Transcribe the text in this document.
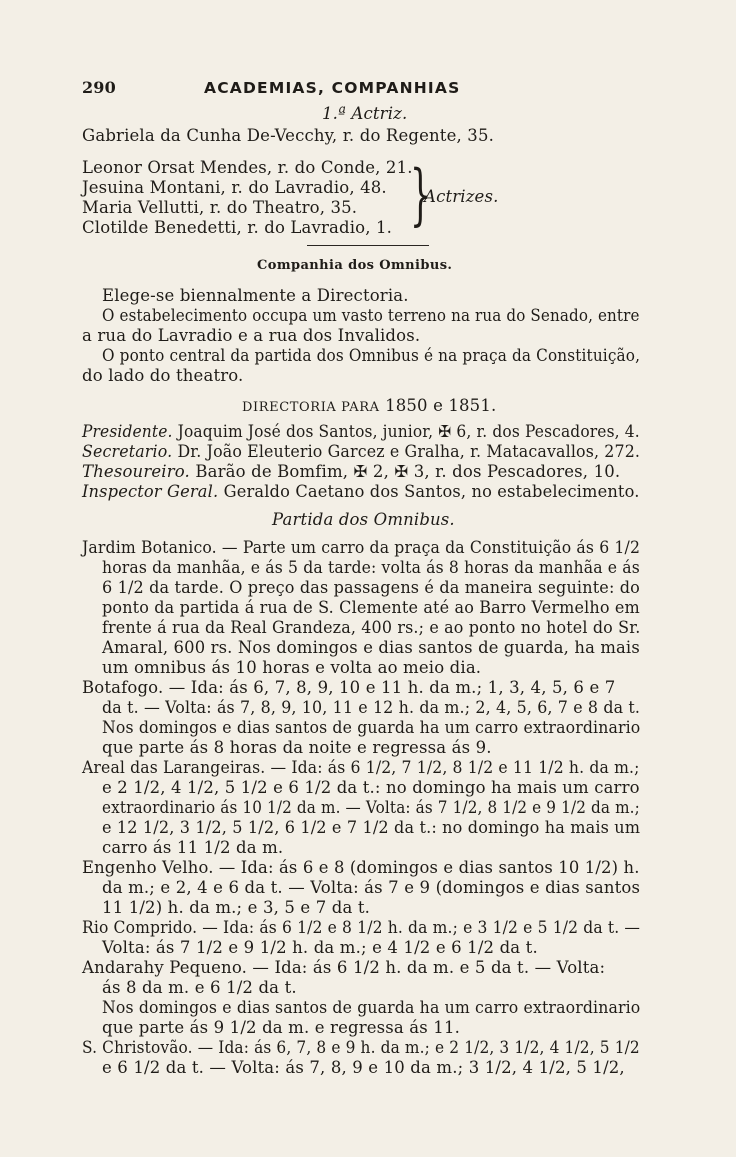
290	ACADEMIAS, COMPANHIAS
1.ª Actriz.
Gabriela da Cunha De-Vecchy, r. do Regente, 35.
Leonor Orsat Mendes, r. do Conde, 21.
Jesuina Montani, r. do Lavradio, 48.
Maria Vellutti, r. do Theatro, 35.
Clotilde Benedetti, r. do Lavradio, 1. }
Actrizes.
Companhia dos Omnibus.
Elege-se biennalmente a Directoria.
O estabelecimento occupa um vasto terreno na rua do Senado, entre
a rua do Lavradio e a rua dos Invalidos.
O ponto central da partida dos Omnibus é na praça da Constituição,
do lado do theatro.
DIRECTORIA PARA 1850 e 1851.
Presidente. Joaquim José dos Santos, junior, ✠ 6, r. dos Pescadores, 4.
Secretario. Dr. João Eleuterio Garcez e Gralha, r. Matacavallos, 272.
Thesoureiro. Barão de Bomfim, ✠ 2, ✠ 3, r. dos Pescadores, 10.
Inspector Geral. Geraldo Caetano dos Santos, no estabelecimento.
Partida dos Omnibus.
Jardim Botanico. — Parte um carro da praça da Constituição ás 6 1/2
horas da manhãa, e ás 5 da tarde: volta ás 8 horas da manhãa e ás
6 1/2 da tarde. O preço das passagens é da maneira seguinte: do
ponto da partida á rua de S. Clemente até ao Barro Vermelho em
frente á rua da Real Grandeza, 400 rs.; e ao ponto no hotel do Sr.
Amaral, 600 rs. Nos domingos e dias santos de guarda, ha mais
um omnibus ás 10 horas e volta ao meio dia.
Botafogo. — Ida: ás 6, 7, 8, 9, 10 e 11 h. da m.; 1, 3, 4, 5, 6 e 7
da t. — Volta: ás 7, 8, 9, 10, 11 e 12 h. da m.; 2, 4, 5, 6, 7 e 8 da t.
Nos domingos e dias santos de guarda ha um carro extraordinario
que parte ás 8 horas da noite e regressa ás 9.
Areal das Larangeiras. — Ida: ás 6 1/2, 7 1/2, 8 1/2 e 11 1/2 h. da m.;
e 2 1/2, 4 1/2, 5 1/2 e 6 1/2 da t.: no domingo ha mais um carro
extraordinario ás 10 1/2 da m. — Volta: ás 7 1/2, 8 1/2 e 9 1/2 da m.;
e 12 1/2, 3 1/2, 5 1/2, 6 1/2 e 7 1/2 da t.: no domingo ha mais um
carro ás 11 1/2 da m.
Engenho Velho. — Ida: ás 6 e 8 (domingos e dias santos 10 1/2) h.
da m.; e 2, 4 e 6 da t. — Volta: ás 7 e 9 (domingos e dias santos
11 1/2) h. da m.; e 3, 5 e 7 da t.
Rio Comprido. — Ida: ás 6 1/2 e 8 1/2 h. da m.; e 3 1/2 e 5 1/2 da t. —
Volta: ás 7 1/2 e 9 1/2 h. da m.; e 4 1/2 e 6 1/2 da t.
Andarahy Pequeno. — Ida: ás 6 1/2 h. da m. e 5 da t. — Volta:
ás 8 da m. e 6 1/2 da t.
Nos domingos e dias santos de guarda ha um carro extraordinario
que parte ás 9 1/2 da m. e regressa ás 11.
S. Christovão. — Ida: ás 6, 7, 8 e 9 h. da m.; e 2 1/2, 3 1/2, 4 1/2, 5 1/2
e 6 1/2 da t. — Volta: ás 7, 8, 9 e 10 da m.; 3 1/2, 4 1/2, 5 1/2,
